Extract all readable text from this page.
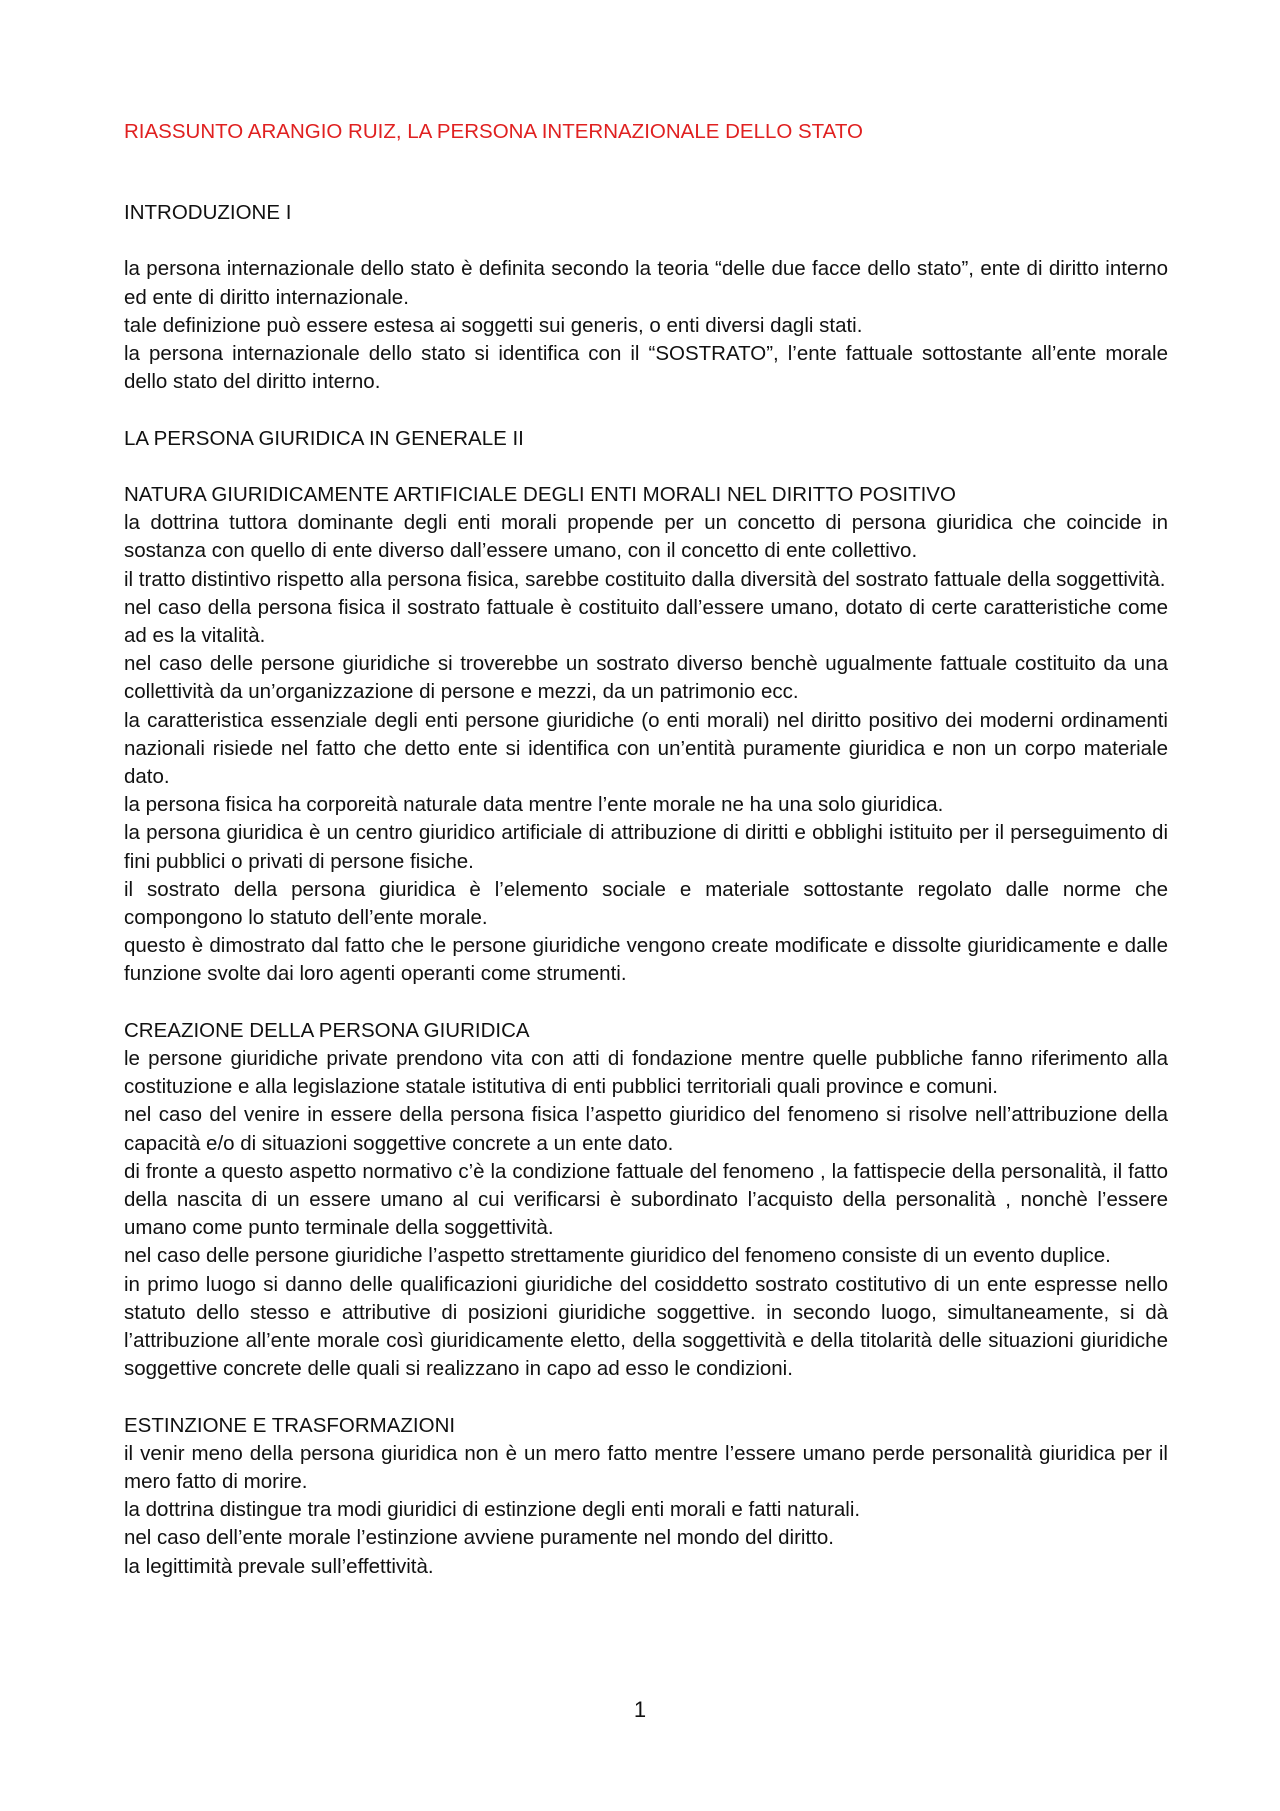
RIASSUNTO ARANGIO RUIZ, LA PERSONA INTERNAZIONALE DELLO STATO
INTRODUZIONE I

la persona internazionale dello stato è definita secondo la teoria “delle due facce dello stato”, ente di diritto interno ed ente di diritto internazionale.

tale definizione può essere estesa ai soggetti sui generis, o enti diversi dagli stati.

la persona internazionale dello stato si identifica con il “SOSTRATO”, l’ente fattuale sottostante all’ente morale dello stato del diritto interno.

LA PERSONA GIURIDICA IN GENERALE II
NATURA GIURIDICAMENTE ARTIFICIALE DEGLI ENTI MORALI NEL DIRITTO POSITIVO

la dottrina tuttora dominante degli enti morali propende per un concetto di persona giuridica che coincide in sostanza con quello di ente diverso dall’essere umano, con il concetto di ente collettivo.

il tratto distintivo rispetto alla persona fisica, sarebbe costituito dalla diversità del sostrato fattuale della soggettività.

nel caso della persona fisica il sostrato fattuale è costituito dall’essere umano, dotato di certe caratteristiche come ad es la vitalità.

nel caso delle persone giuridiche si troverebbe un sostrato diverso benchè ugualmente fattuale costituito da una collettività da un’organizzazione di persone e mezzi, da un patrimonio ecc.

la caratteristica essenziale degli enti persone giuridiche (o enti morali) nel diritto positivo dei moderni ordinamenti nazionali risiede nel fatto che detto ente si identifica con un’entità puramente giuridica e non un corpo materiale dato.

la persona fisica ha corporeità naturale data mentre l’ente morale ne ha una solo giuridica.

la persona giuridica è un centro giuridico artificiale di attribuzione di diritti e obblighi istituito per il perseguimento di fini pubblici o privati di persone fisiche.

il sostrato della persona giuridica è l’elemento sociale e materiale sottostante regolato dalle norme che compongono lo statuto dell’ente morale.

questo è dimostrato dal fatto che le persone giuridiche vengono create modificate e dissolte giuridicamente e dalle funzione svolte dai loro agenti operanti come strumenti.

CREAZIONE DELLA PERSONA GIURIDICA

le persone giuridiche private prendono vita con atti di fondazione mentre quelle pubbliche fanno riferimento alla costituzione e alla legislazione statale istitutiva di enti pubblici territoriali quali province e comuni.

nel caso del venire in essere della persona fisica l’aspetto giuridico del fenomeno si risolve nell’attribuzione della capacità e/o di situazioni soggettive concrete a un ente dato.

di fronte a questo aspetto normativo c’è la condizione fattuale del fenomeno , la fattispecie della personalità, il fatto della nascita di un essere umano al cui verificarsi è subordinato l’acquisto della personalità , nonchè l’essere umano come punto terminale della soggettività.

nel caso delle persone giuridiche l’aspetto strettamente giuridico del fenomeno consiste di un evento duplice.

in primo luogo si danno delle qualificazioni giuridiche del cosiddetto sostrato costitutivo di un ente espresse nello statuto dello stesso e attributive di posizioni giuridiche soggettive. in secondo luogo, simultaneamente, si dà l’attribuzione all’ente morale così giuridicamente eletto, della soggettività e della titolarità delle situazioni giuridiche soggettive concrete delle quali si realizzano in capo ad esso le condizioni.

ESTINZIONE E TRASFORMAZIONI

il venir meno della persona giuridica non è un mero fatto mentre l’essere umano perde personalità giuridica per il mero fatto di morire.

la dottrina distingue tra modi giuridici di estinzione degli enti morali e fatti naturali.

nel caso dell’ente morale l’estinzione avviene puramente nel mondo del diritto.

la legittimità prevale sull’effettività.

1
